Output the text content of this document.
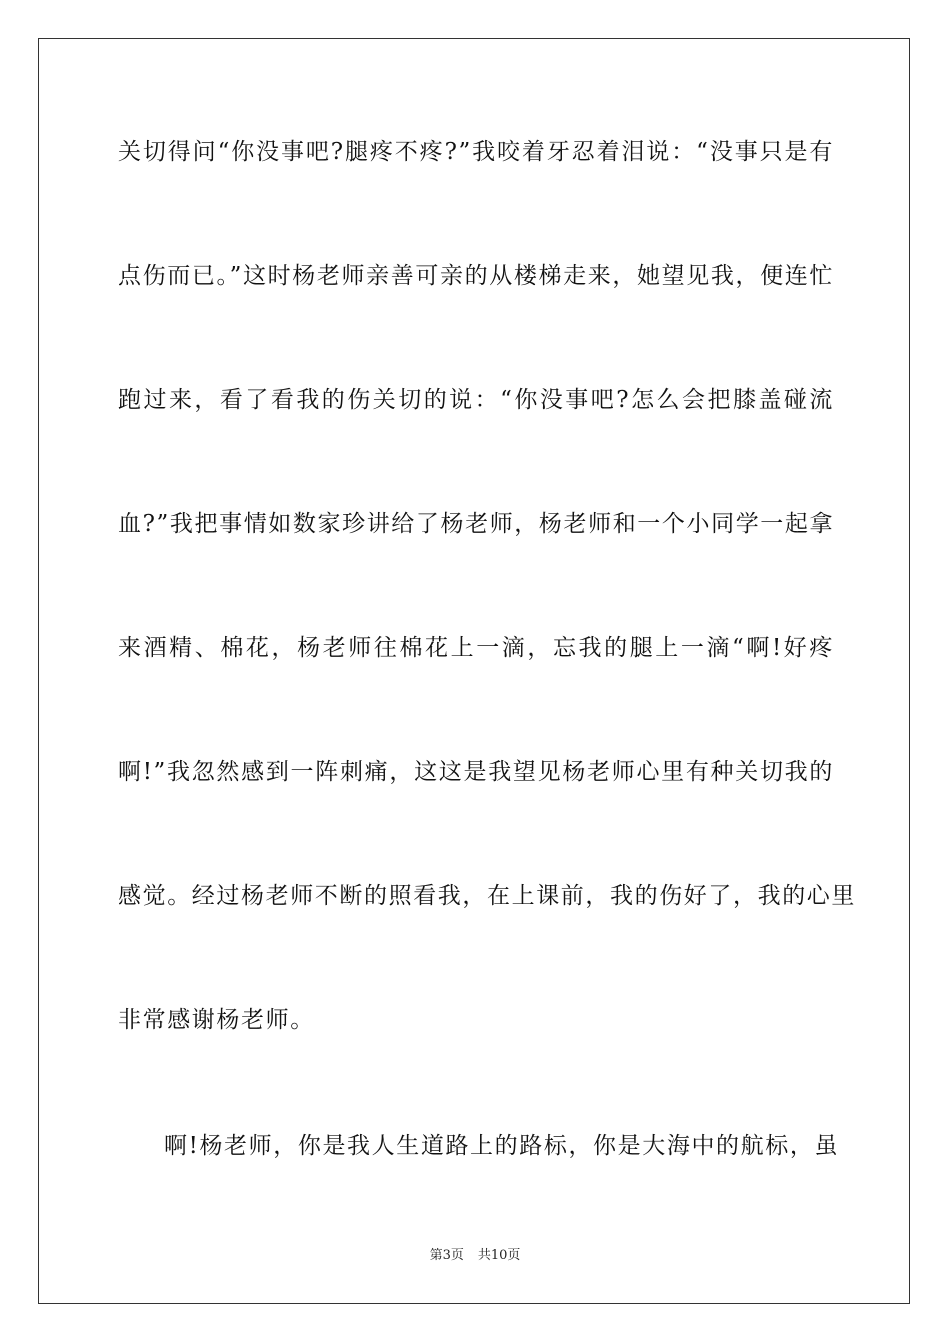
关切得问“你没事吧?腿疼不疼?”我咬着牙忍着泪说：“没事只是有

点伤而已。”这时杨老师亲善可亲的从楼梯走来，她望见我，便连忙

跑过来，看了看我的伤关切的说：“你没事吧?怎么会把膝盖碰流

血?”我把事情如数家珍讲给了杨老师，杨老师和一个小同学一起拿

来酒精、棉花，杨老师往棉花上一滴，忘我的腿上一滴“啊!好疼

啊!”我忽然感到一阵刺痛，这这是我望见杨老师心里有种关切我的

感觉。经过杨老师不断的照看我，在上课前，我的伤好了，我的心里

非常感谢杨老师。

啊!杨老师，你是我人生道路上的路标，你是大海中的航标，虽

第3页 共10页
